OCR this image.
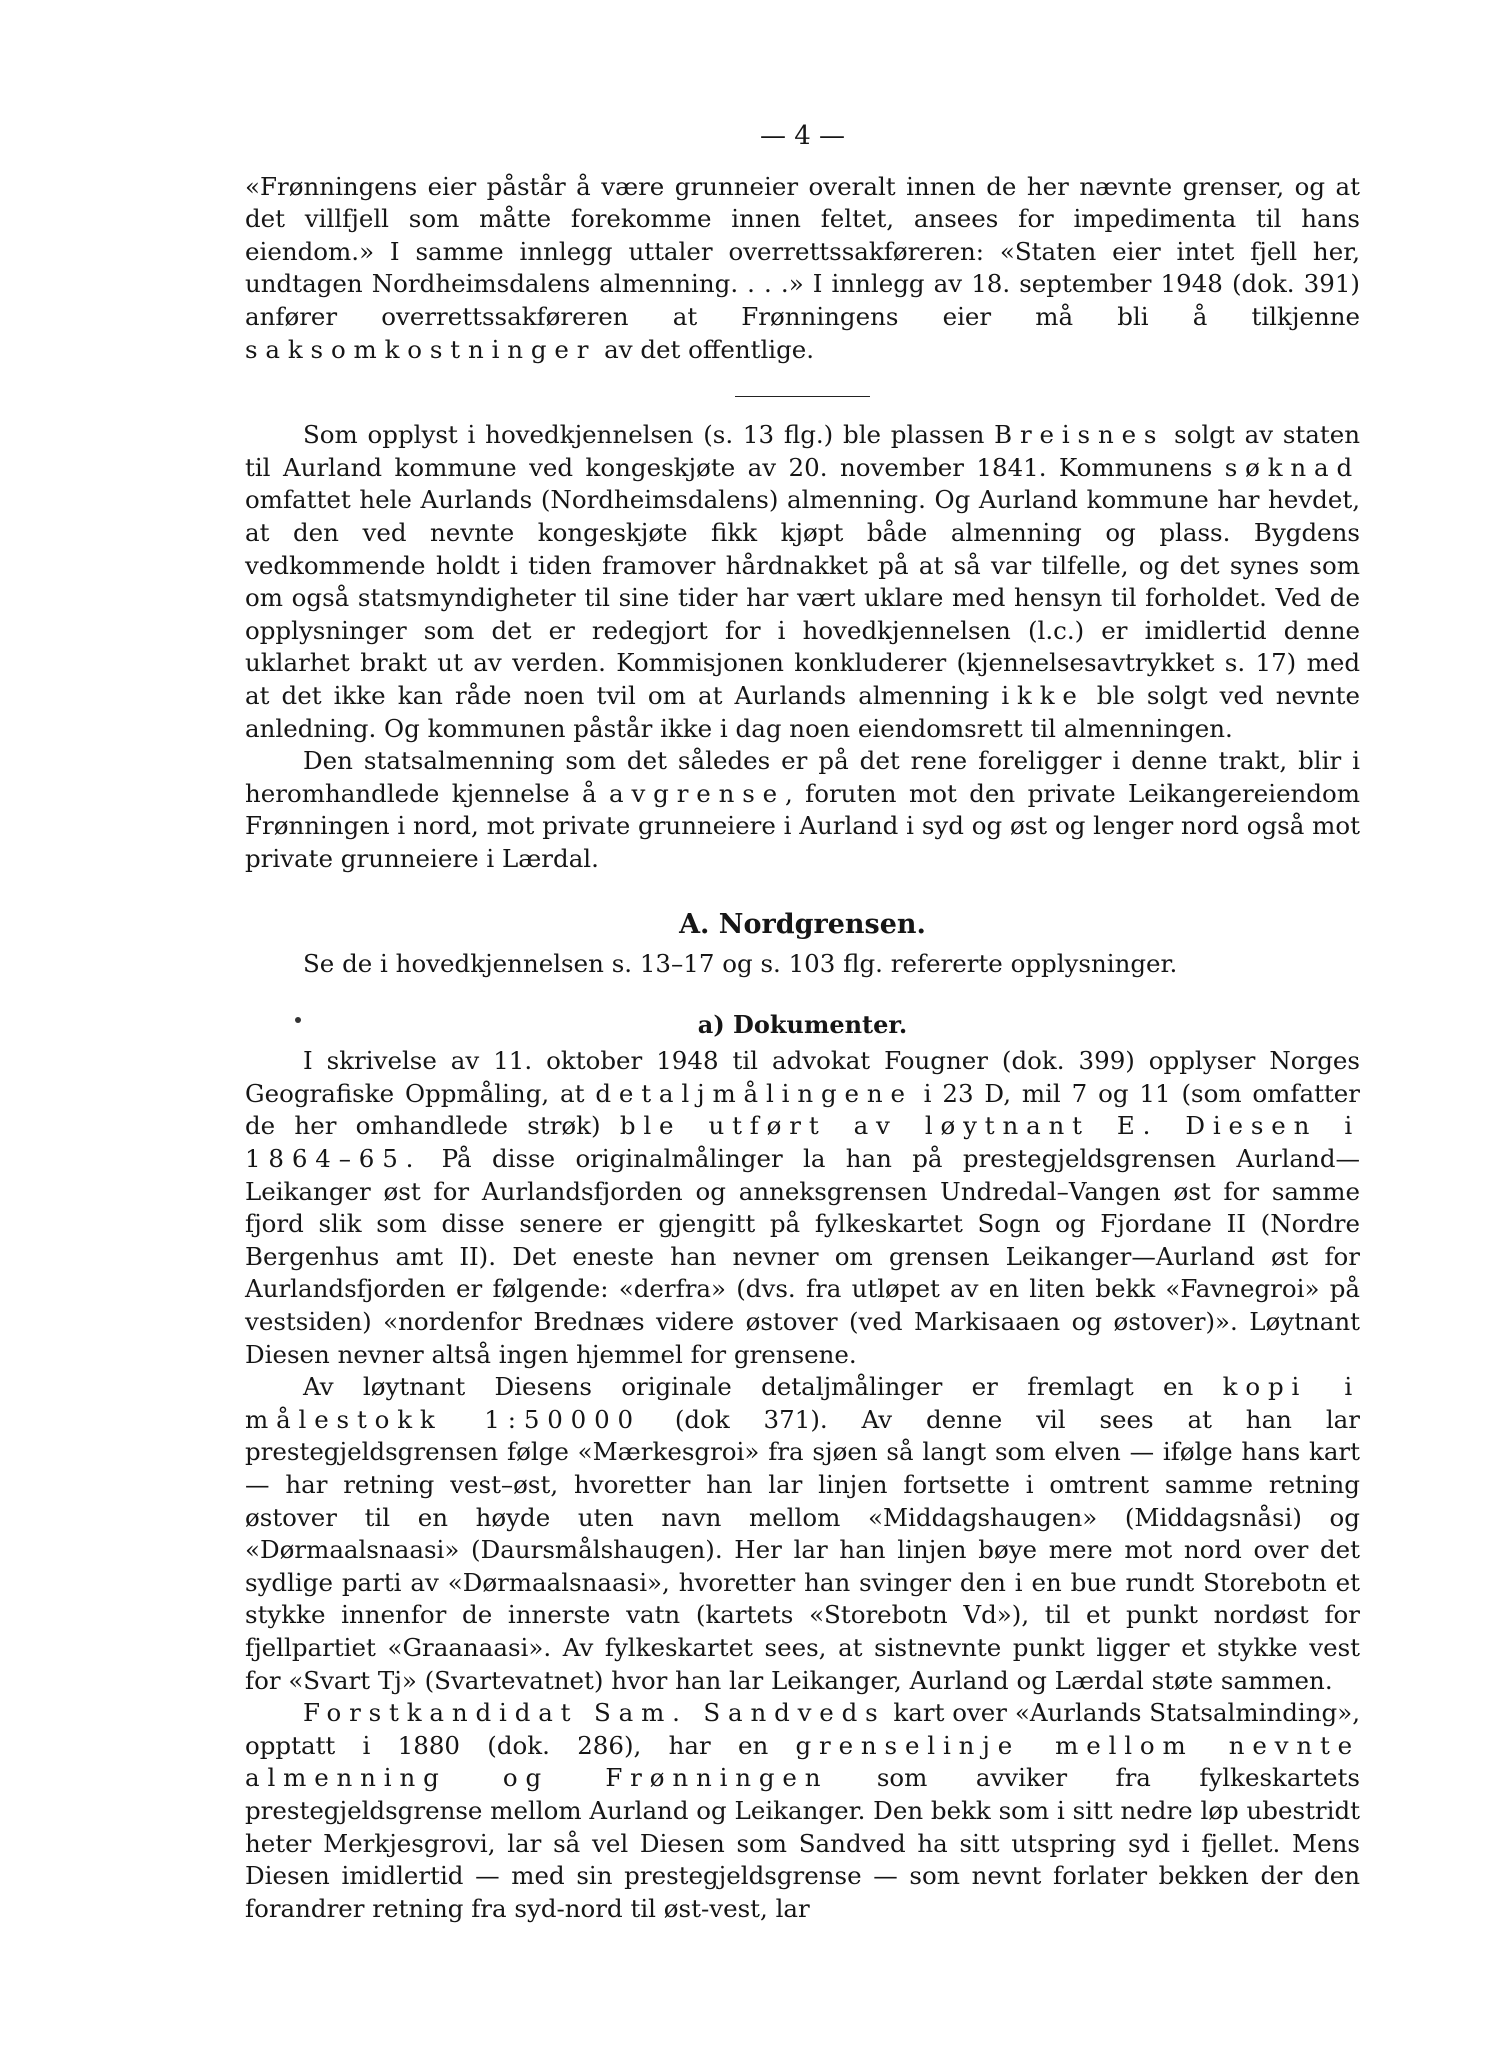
— 4 —

«Frønningens eier påstår å være grunneier overalt innen de her nævnte grenser, og at det villfjell som måtte forekomme innen feltet, ansees for impedimenta til hans eiendom.» I samme innlegg uttaler overrettssakføreren: «Staten eier intet fjell her, undtagen Nordheimsdalens almenning. . . .» I innlegg av 18. september 1948 (dok. 391) anfører overrettssakføreren at Frønningens eier må bli å tilkjenne saksomkostninger av det offentlige.

Som opplyst i hovedkjennelsen (s. 13 flg.) ble plassen Breisnes solgt av staten til Aurland kommune ved kongeskjøte av 20. november 1841. Kommunens søknad omfattet hele Aurlands (Nordheimsdalens) almenning. Og Aurland kommune har hevdet, at den ved nevnte kongeskjøte fikk kjøpt både almenning og plass. Bygdens vedkommende holdt i tiden framover hårdnakket på at så var tilfelle, og det synes som om også statsmyndigheter til sine tider har vært uklare med hensyn til forholdet. Ved de opplysninger som det er redegjort for i hovedkjennelsen (l.c.) er imidlertid denne uklarhet brakt ut av verden. Kommisjonen konkluderer (kjennelsesavtrykket s. 17) med at det ikke kan råde noen tvil om at Aurlands almenning ikke ble solgt ved nevnte anledning. Og kommunen påstår ikke i dag noen eiendomsrett til almenningen.

Den statsalmenning som det således er på det rene foreligger i denne trakt, blir i heromhandlede kjennelse å avgrense, foruten mot den private Leikangereiendom Frønningen i nord, mot private grunneiere i Aurland i syd og øst og lenger nord også mot private grunneiere i Lærdal.

A. Nordgrensen.

Se de i hovedkjennelsen s. 13–17 og s. 103 flg. refererte opplysninger.

a) Dokumenter.

I skrivelse av 11. oktober 1948 til advokat Fougner (dok. 399) opplyser Norges Geografiske Oppmåling, at detaljmålingene i 23 D, mil 7 og 11 (som omfatter de her omhandlede strøk) ble utført av løytnant E. Diesen i 1864–65. På disse originalmålinger la han på prestegjeldsgrensen Aurland—Leikanger øst for Aurlandsfjorden og anneksgrensen Undredal–Vangen øst for samme fjord slik som disse senere er gjengitt på fylkeskartet Sogn og Fjordane II (Nordre Bergenhus amt II). Det eneste han nevner om grensen Leikanger—Aurland øst for Aurlandsfjorden er følgende: «derfra» (dvs. fra utløpet av en liten bekk «Favnegroi» på vestsiden) «nordenfor Brednæs videre østover (ved Markisaaen og østover)». Løytnant Diesen nevner altså ingen hjemmel for grensene.

Av løytnant Diesens originale detaljmålinger er fremlagt en kopi i målestokk 1:50000 (dok 371). Av denne vil sees at han lar prestegjeldsgrensen følge «Mærkesgroi» fra sjøen så langt som elven — ifølge hans kart — har retning vest–øst, hvoretter han lar linjen fortsette i omtrent samme retning østover til en høyde uten navn mellom «Middagshaugen» (Middagsnåsi) og «Dørmaalsnaasi» (Daursmålshaugen). Her lar han linjen bøye mere mot nord over det sydlige parti av «Dørmaalsnaasi», hvoretter han svinger den i en bue rundt Storebotn et stykke innenfor de innerste vatn (kartets «Storebotn Vd»), til et punkt nordøst for fjellpartiet «Graanaasi». Av fylkeskartet sees, at sistnevnte punkt ligger et stykke vest for «Svart Tj» (Svartevatnet) hvor han lar Leikanger, Aurland og Lærdal støte sammen.

Forstkandidat Sam. Sandveds kart over «Aurlands Statsalminding», opptatt i 1880 (dok. 286), har en grenselinje mellom nevnte almenning og Frønningen som avviker fra fylkeskartets prestegjeldsgrense mellom Aurland og Leikanger. Den bekk som i sitt nedre løp ubestridt heter Merkjesgrovi, lar så vel Diesen som Sandved ha sitt utspring syd i fjellet. Mens Diesen imidlertid — med sin prestegjeldsgrense — som nevnt forlater bekken der den forandrer retning fra syd-nord til øst-vest, lar
